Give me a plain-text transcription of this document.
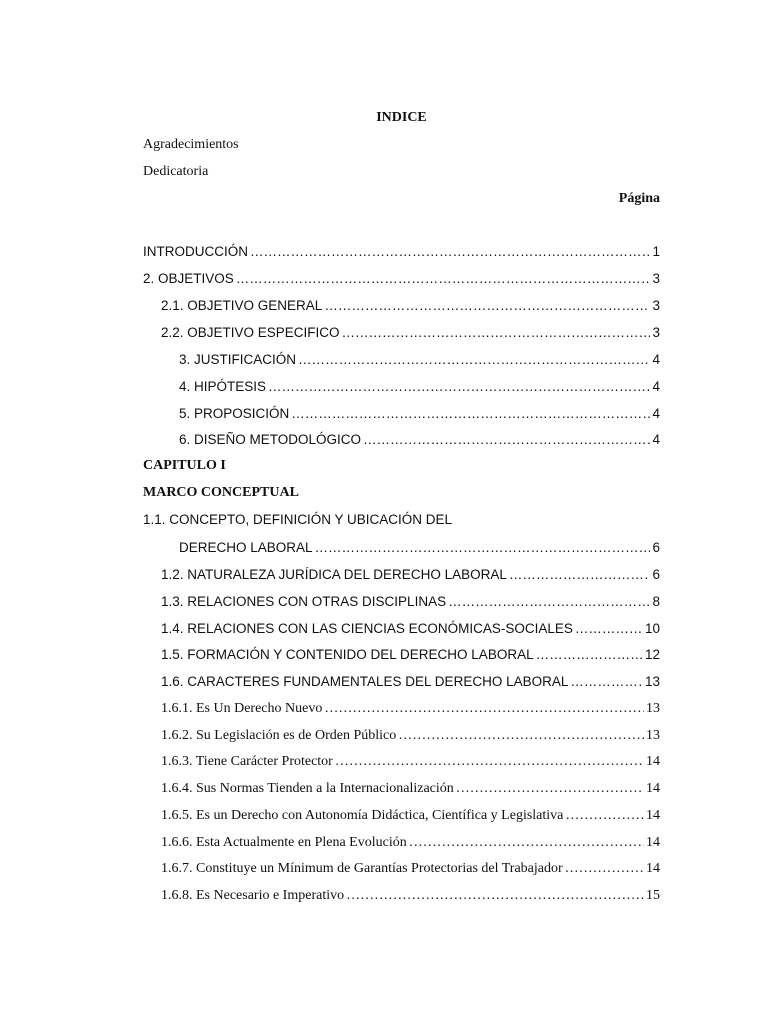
INDICE
Agradecimientos
Dedicatoria
Página
INTRODUCCIÓN ……………………………………………………………………………………………………………………………………………………………………………………………………………………………………………	1
2. OBJETIVOS ……………………………………………………………………………………………………………………………………………………………………………………………………………………………………………	3
2.1. OBJETIVO GENERAL ……………………………………………………………………………………………………………………………………………………………………………………………………………………………………………	3
2.2. OBJETIVO ESPECIFICO ……………………………………………………………………………………………………………………………………………………………………………………………………………………………………………	3
3. JUSTIFICACIÓN ……………………………………………………………………………………………………………………………………………………………………………………………………………………………………………	4
4. HIPÓTESIS ……………………………………………………………………………………………………………………………………………………………………………………………………………………………………………	4
5. PROPOSICIÓN ……………………………………………………………………………………………………………………………………………………………………………………………………………………………………………	4
6. DISEÑO METODOLÓGICO ……………………………………………………………………………………………………………………………………………………………………………………………………………………………………………	4
CAPITULO I
MARCO CONCEPTUAL
1.1. CONCEPTO, DEFINICIÓN Y UBICACIÓN DEL
DERECHO LABORAL ……………………………………………………………………………………………………………………………………………………………………………………………………………………………………………	6
1.2. NATURALEZA JURÍDICA DEL DERECHO LABORAL ……………………………………………………………………………………………………………………………………………………………………………………………………………………………………………	6
1.3. RELACIONES CON OTRAS DISCIPLINAS ……………………………………………………………………………………………………………………………………………………………………………………………………………………………………………	8
1.4. RELACIONES CON LAS CIENCIAS ECONÓMICAS-SOCIALES ……………………………………………………………………………………………………………………………………………………………………………………………………………………………………………	10
1.5. FORMACIÓN Y CONTENIDO DEL DERECHO LABORAL ……………………………………………………………………………………………………………………………………………………………………………………………………………………………………………	12
1.6. CARACTERES FUNDAMENTALES DEL DERECHO LABORAL ……………………………………………………………………………………………………………………………………………………………………………………………………………………………………………	13
1.6.1. Es Un Derecho Nuevo ……………………………………………………………………………………………………………………………………………………………………………………………………………………………………………	13
1.6.2. Su Legislación es de Orden Público ……………………………………………………………………………………………………………………………………………………………………………………………………………………………………………	13
1.6.3. Tiene Carácter Protector ……………………………………………………………………………………………………………………………………………………………………………………………………………………………………………	14
1.6.4. Sus Normas Tienden a la Internacionalización ……………………………………………………………………………………………………………………………………………………………………………………………………………………………………………	14
1.6.5. Es un Derecho con Autonomía Didáctica, Científica y Legislativa ……………………………………………………………………………………………………………………………………………………………………………………………………………………………………………	14
1.6.6. Esta Actualmente en Plena Evolución ……………………………………………………………………………………………………………………………………………………………………………………………………………………………………………	14
1.6.7. Constituye un Mínimum de Garantías Protectorias del Trabajador ……………………………………………………………………………………………………………………………………………………………………………………………………………………………………………	14
1.6.8. Es Necesario e Imperativo ……………………………………………………………………………………………………………………………………………………………………………………………………………………………………………	15
